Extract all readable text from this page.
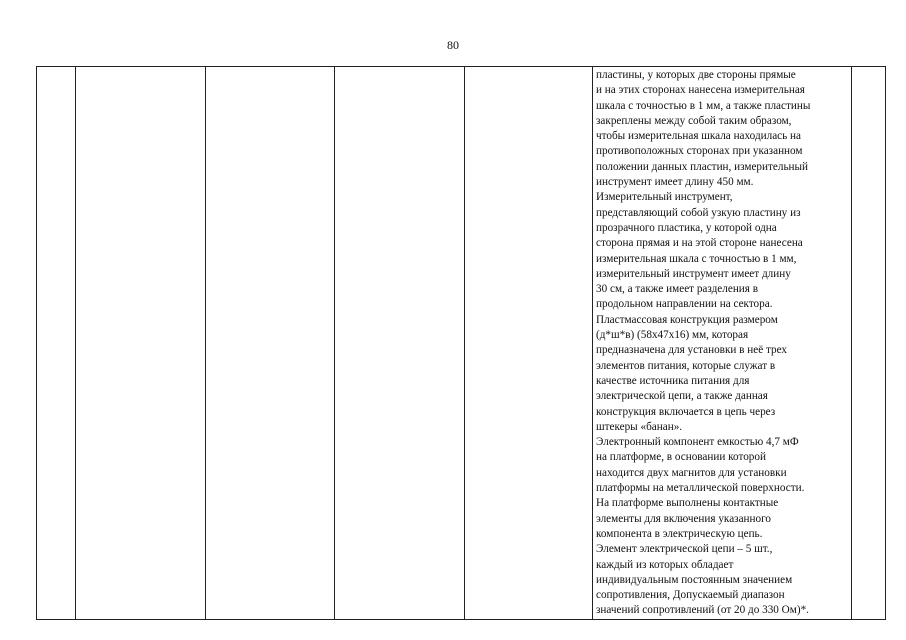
80

пластины, у которых две стороны прямые
и на этих сторонах нанесена измерительная
шкала с точностью в 1 мм, а также пластины
закреплены между собой таким образом,
чтобы измерительная шкала находилась на
противоположных сторонах при указанном
положении данных пластин, измерительный
инструмент имеет длину 450 мм.
Измерительный инструмент,
представляющий собой узкую пластину из
прозрачного пластика, у которой одна
сторона прямая и на этой стороне нанесена
измерительная шкала с точностью в 1 мм,
измерительный инструмент имеет длину
30 см, а также имеет разделения в
продольном направлении на сектора.
Пластмассовая конструкция размером
(д*ш*в) (58x47x16) мм, которая
предназначена для установки в неё трех
элементов питания, которые служат в
качестве источника питания для
электрической цепи, а также данная
конструкция включается в цепь через
штекеры «банан».
Электронный компонент емкостью 4,7 мФ
на платформе, в основании которой
находится двух магнитов для установки
платформы на металлической поверхности.
На платформе выполнены контактные
элементы для включения указанного
компонента в электрическую цепь.
Элемент электрической цепи – 5 шт.,
каждый из которых обладает
индивидуальным постоянным значением
сопротивления, Допускаемый диапазон
значений сопротивлений (от 20 до 330 Ом)*.
